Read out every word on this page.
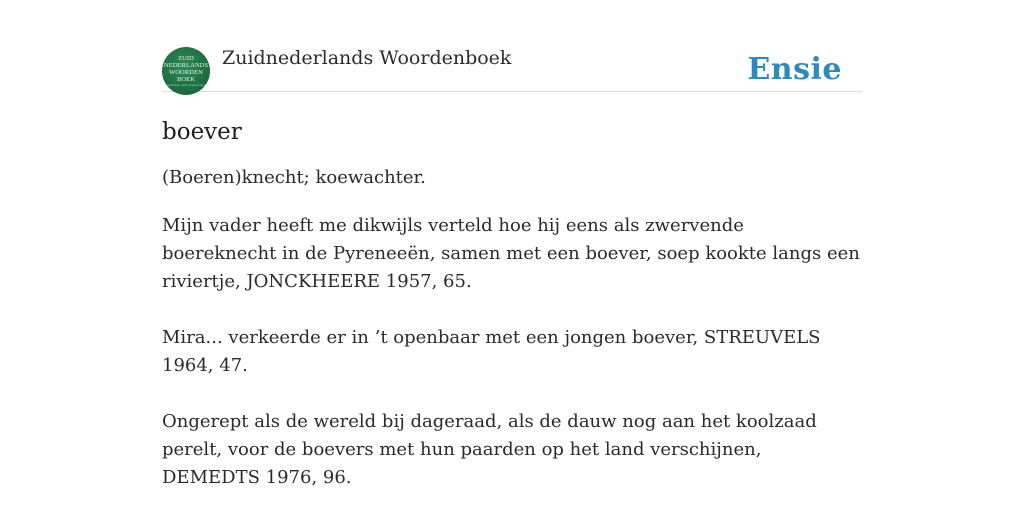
ZUID
NEDERLANDS
WOORDEN
BOEK
ZUIDNEDERLANDS WOORDENBOEK
Zuidnederlands Woordenboek	Ensie
boever
(Boeren)knecht; koewachter.
Mijn vader heeft me dikwijls verteld hoe hij eens als zwervende boereknecht in de Pyreneeën, samen met een boever, soep kookte langs een riviertje, JONCKHEERE 1957, 65.
Mira... verkeerde er in ’t openbaar met een jongen boever, STREUVELS 1964, 47.
Ongerept als de wereld bij dageraad, als de dauw nog aan het koolzaad perelt, voor de boevers met hun paarden op het land verschijnen, DEMEDTS 1976, 96.
